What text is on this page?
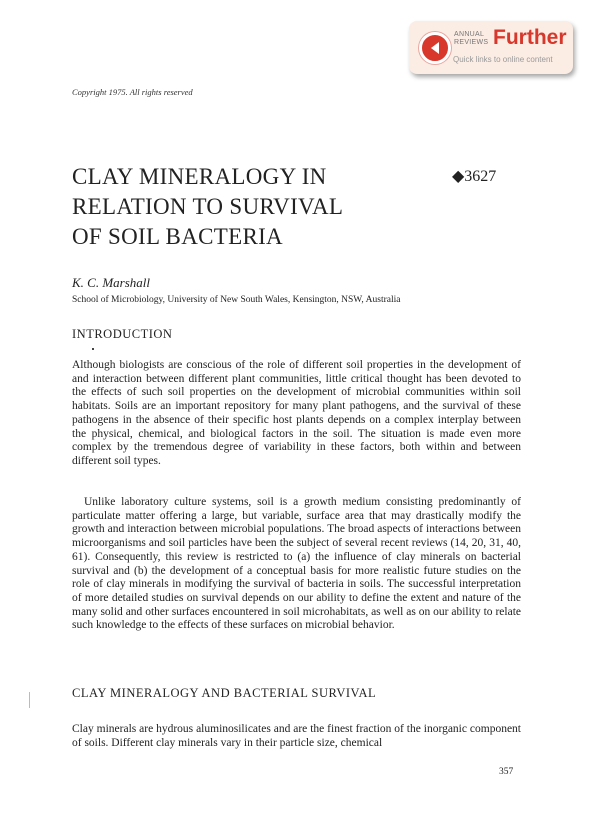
ANNUAL
REVIEWS Further
Quick links to online content
Copyright 1975. All rights reserved
CLAY MINERALOGY IN
RELATION TO SURVIVAL
OF SOIL BACTERIA
◆3627
K. C. Marshall
School of Microbiology, University of New South Wales, Kensington, NSW, Australia
INTRODUCTION

Although biologists are conscious of the role of different soil properties in the development of and interaction between different plant communities, little critical thought has been devoted to the effects of such soil properties on the development of microbial communities within soil habitats. Soils are an important repository for many plant pathogens, and the survival of these pathogens in the absence of their specific host plants depends on a complex interplay between the physical, chemical, and biological factors in the soil. The situation is made even more complex by the tremendous degree of variability in these factors, both within and between different soil types.

Unlike laboratory culture systems, soil is a growth medium consisting predominantly of particulate matter offering a large, but variable, surface area that may drastically modify the growth and interaction between microbial populations. The broad aspects of interactions between microorganisms and soil particles have been the subject of several recent reviews (14, 20, 31, 40, 61). Consequently, this review is restricted to (a) the influence of clay minerals on bacterial survival and (b) the development of a conceptual basis for more realistic future studies on the role of clay minerals in modifying the survival of bacteria in soils. The successful interpretation of more detailed studies on survival depends on our ability to define the extent and nature of the many solid and other surfaces encountered in soil microhabitats, as well as on our ability to relate such knowledge to the effects of these surfaces on microbial behavior.

CLAY MINERALOGY AND BACTERIAL SURVIVAL

Clay minerals are hydrous aluminosilicates and are the finest fraction of the inorganic component of soils. Different clay minerals vary in their particle size, chemical

357
